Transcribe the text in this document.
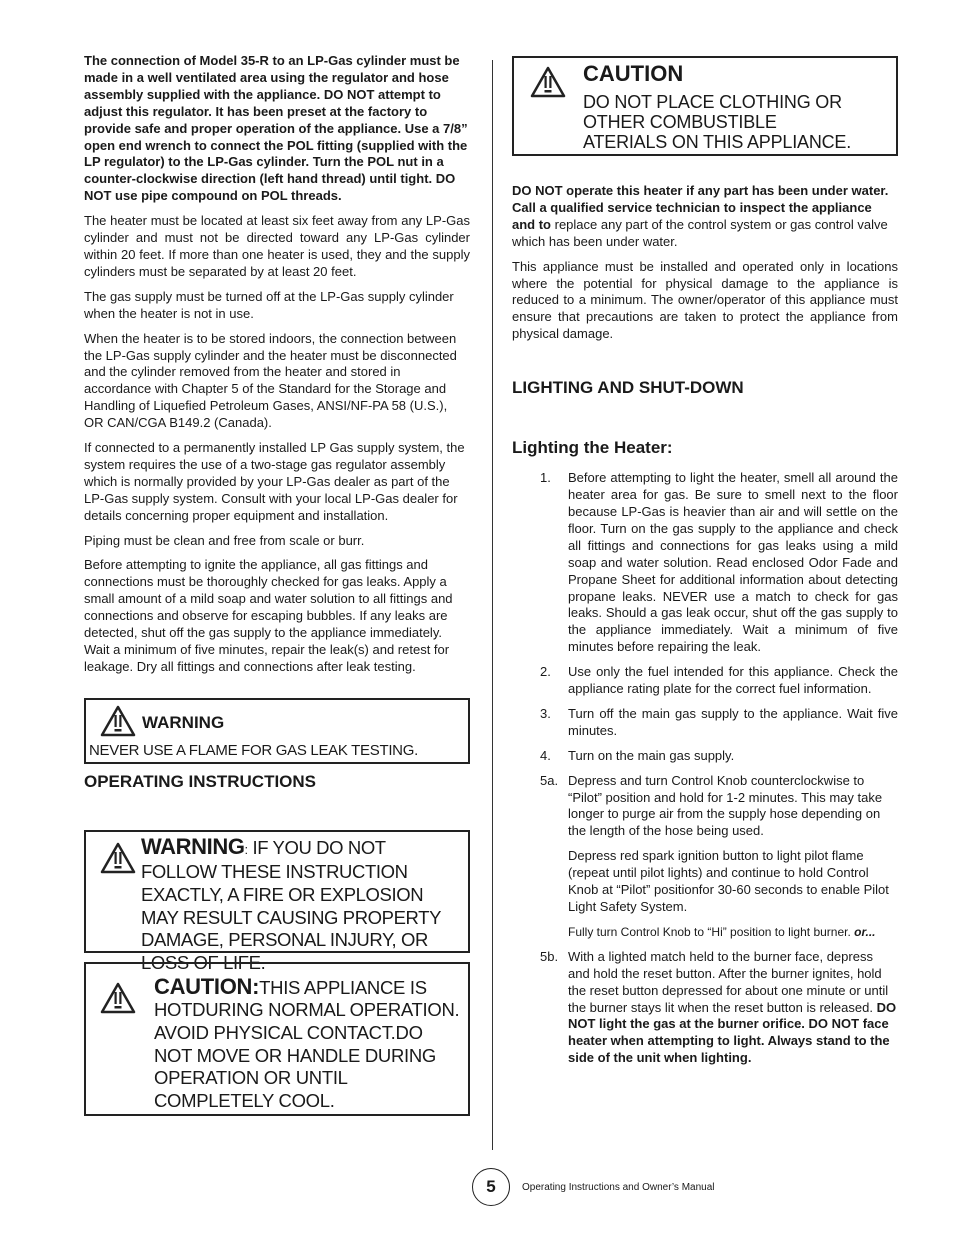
The connection of Model 35-R to an LP-Gas cylinder must be made in a well ventilated area using the regulator and hose assembly supplied with the appliance. DO NOT attempt to adjust this regulator. It has been preset at the factory to provide safe and proper operation of the appliance. Use a 7/8” open end wrench to connect the POL fitting (supplied with the LP regulator) to the LP-Gas cylinder. Turn the POL nut in a counter-clockwise direction (left hand thread) until tight. DO NOT use pipe compound on POL threads.

The heater must be located at least six feet away from any LP-Gas cylinder and must not be directed toward any LP-Gas cylinder within 20 feet. If more than one heater is used, they and the supply cylinders must be separated by at least 20 feet.

The gas supply must be turned off at the LP-Gas supply cylinder when the heater is not in use.

When the heater is to be stored indoors, the connection between the LP-Gas supply cylinder and the heater must be disconnected and the cylinder removed from the heater and stored in accordance with Chapter 5 of the Standard for the Storage and Handling of Liquefied Petroleum Gases, ANSI/NF-PA 58 (U.S.), OR CAN/CGA B149.2 (Canada).

If connected to a permanently installed LP Gas supply system, the system requires the use of a two-stage gas regulator assembly which is normally provided by your LP-Gas dealer as part of the LP-Gas supply system. Consult with your local LP-Gas dealer for details concerning proper equipment and installation.

Piping must be clean and free from scale or burr.

Before attempting to ignite the appliance, all gas fittings and connections must be thoroughly checked for gas leaks. Apply a small amount of a mild soap and water solution to all fittings and connections and observe for escaping bubbles. If any leaks are detected, shut off the gas supply to the appliance immediately. Wait a minimum of five minutes, repair the leak(s) and retest for leakage. Dry all fittings and connections after leak testing.

WARNING
NEVER USE A FLAME FOR GAS LEAK TESTING.
OPERATING INSTRUCTIONS
WARNING: IF YOU DO NOT FOLLOW THESE INSTRUCTION EXACTLY, A FIRE OR EXPLOSION MAY RESULT CAUSING PROPERTY DAMAGE, PERSONAL INJURY, OR LOSS OF LIFE.
CAUTION:THIS APPLIANCE IS HOTDURING NORMAL OPERATION. AVOID PHYSICAL CONTACT.DO NOT MOVE OR HANDLE DURING OPERATION OR UNTIL COMPLETELY COOL.
CAUTION
DO NOT PLACE CLOTHING OR
OTHER COMBUSTIBLE
ATERIALS ON THIS APPLIANCE.

DO NOT operate this heater if any part has been under water. Call a qualified service technician to inspect the appliance and to replace any part of the control system or gas control valve which has been under water.

This appliance must be installed and operated only in locations where the potential for physical damage to the appliance is reduced to a minimum. The owner/operator of this appliance must ensure that precautions are taken to protect the appliance from physical damage.

LIGHTING AND SHUT-DOWN
Lighting the Heater:
1.	Before attempting to light the heater, smell all around the heater area for gas. Be sure to smell next to the floor because LP-Gas is heavier than air and will settle on the floor. Turn on the gas supply to the appliance and check all fittings and connections for gas leaks using a mild soap and water solution. Read enclosed Odor Fade and Propane Sheet for additional information about detecting propane leaks. NEVER use a match to check for gas leaks. Should a gas leak occur, shut off the gas supply to the appliance immediately. Wait a minimum of five minutes before repairing the leak.
2.	Use only the fuel intended for this appliance. Check the appliance rating plate for the correct fuel information.
3.	Turn off the main gas supply to the appliance. Wait five minutes.
4.	Turn on the main gas supply.
5a. Depress and turn Control Knob counterclockwise to “Pilot” position and hold for 1-2 minutes. This may take longer to purge air from the supply hose depending on the length of the hose being used.

Depress red spark ignition button to light pilot flame (repeat until pilot lights) and continue to hold Control Knob at “Pilot” positionfor 30-60 seconds to enable Pilot Light Safety System.

Fully turn Control Knob to “Hi” position to light burner. or...

5b. With a lighted match held to the burner face, depress and hold the reset button. After the burner ignites, hold the reset button depressed for about one minute or until the burner stays lit when the reset button is released. DO NOT light the gas at the burner orifice. DO NOT face heater when attempting to light. Always stand to the side of the unit when lighting.
5	Operating Instructions and Owner’s Manual
